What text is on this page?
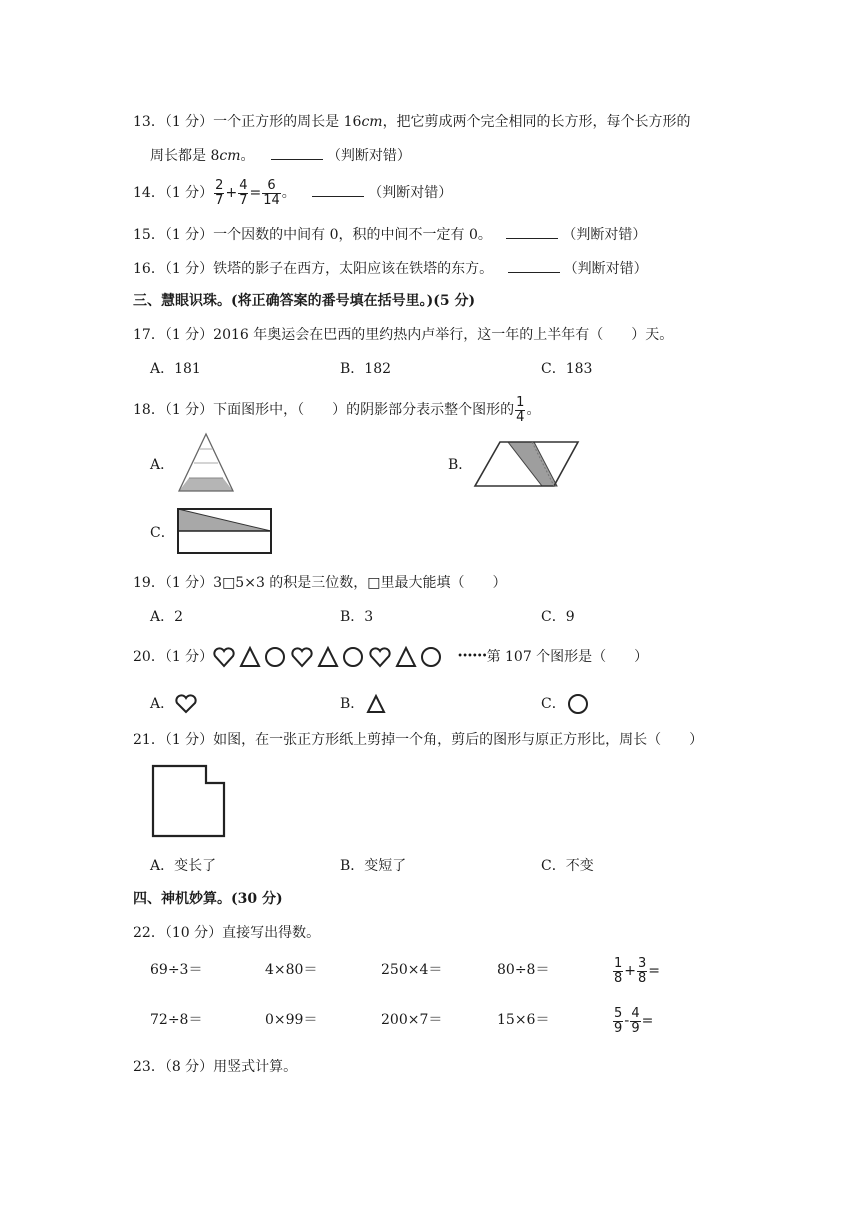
13．（1 分）一个正方形的周长是 16cm，把它剪成两个完全相同的长方形，每个长方形的
周长都是 8cm。	（判断对错）
14．（1 分） $\frac{2}{7} + \frac{4}{7} = \frac{6}{14}$ 。	（判断对错）
15．（1 分）一个因数的中间有 0，积的中间不一定有 0。	（判断对错）
16．（1 分）铁塔的影子在西方，太阳应该在铁塔的东方。	（判断对错）
三、慧眼识珠。(将正确答案的番号填在括号里。)(5 分)
17．（1 分）2016 年奥运会在巴西的里约热内卢举行，这一年的上半年有（　　）天。
A．181	B．182	C．183
18．（1 分）下面图形中，（　　）的阴影部分表示整个图形的 $\frac{1}{4}$ 。
A．	B．
C．
19．（1 分）3□5×3 的积是三位数，□里最大能填（　　）
A．2	B．3	C．9
20．（1 分）	••••••第 107 个图形是（　　）
A．	B．	C．
21．（1 分）如图，在一张正方形纸上剪掉一个角，剪后的图形与原正方形比，周长（　　）
A．变长了	B．变短了	C．不变
四、神机妙算。(30 分)
22．（10 分）直接写出得数。
69÷3＝	4×80＝	250×4＝	80÷8＝	$\frac{1}{8} + \frac{3}{8}$ =
72÷8＝	0×99＝	200×7＝	15×6＝	$\frac{5}{9} - \frac{4}{9}$ =
23．（8 分）用竖式计算。
